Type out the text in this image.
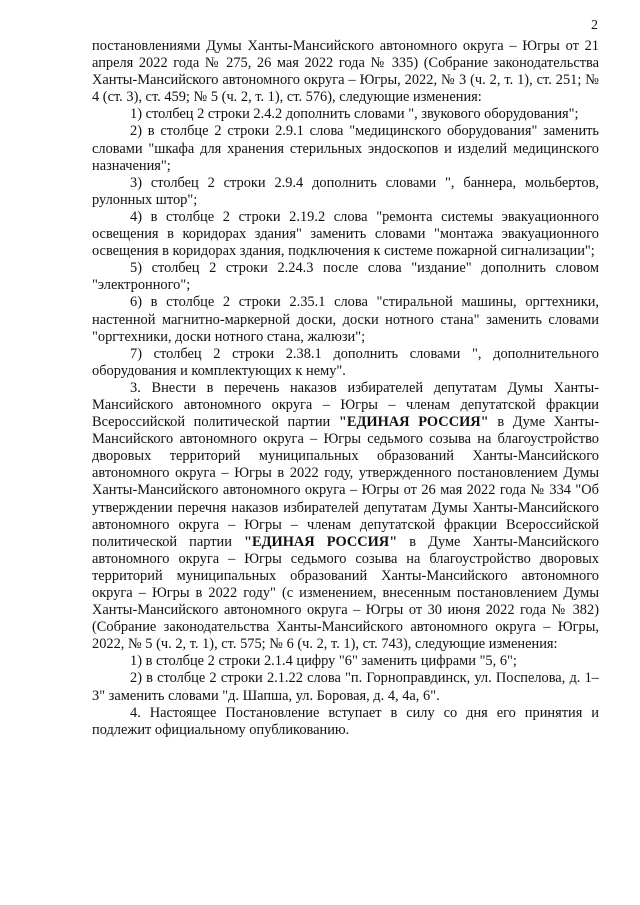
2

постановлениями Думы Ханты-Мансийского автономного округа – Югры от 21 апреля 2022 года № 275, 26 мая 2022 года № 335) (Собрание законодательства Ханты-Мансийского автономного округа – Югры, 2022, № 3 (ч. 2, т. 1), ст. 251; № 4 (ст. 3), ст. 459; № 5 (ч. 2, т. 1), ст. 576), следующие изменения:

1) столбец 2 строки 2.4.2 дополнить словами ", звукового оборудования";

2) в столбце 2 строки 2.9.1 слова "медицинского оборудования" заменить словами "шкафа для хранения стерильных эндоскопов и изделий медицинского назначения";

3) столбец 2 строки 2.9.4 дополнить словами ", баннера, мольбертов, рулонных штор";

4) в столбце 2 строки 2.19.2 слова "ремонта системы эвакуационного освещения в коридорах здания" заменить словами "монтажа эвакуационного освещения в коридорах здания, подключения к системе пожарной сигнализации";

5) столбец 2 строки 2.24.3 после слова "издание" дополнить словом "электронного";

6) в столбце 2 строки 2.35.1 слова "стиральной машины, оргтехники, настенной магнитно-маркерной доски, доски нотного стана" заменить словами "оргтехники, доски нотного стана, жалюзи";

7) столбец 2 строки 2.38.1 дополнить словами ", дополнительного оборудования и комплектующих к нему".

3. Внести в перечень наказов избирателей депутатам Думы Ханты-Мансийского автономного округа – Югры – членам депутатской фракции Всероссийской политической партии "ЕДИНАЯ РОССИЯ" в Думе Ханты-Мансийского автономного округа – Югры седьмого созыва на благоустройство дворовых территорий муниципальных образований Ханты-Мансийского автономного округа – Югры в 2022 году, утвержденного постановлением Думы Ханты-Мансийского автономного округа – Югры от 26 мая 2022 года № 334 "Об утверждении перечня наказов избирателей депутатам Думы Ханты-Мансийского автономного округа – Югры – членам депутатской фракции Всероссийской политической партии "ЕДИНАЯ РОССИЯ" в Думе Ханты-Мансийского автономного округа – Югры седьмого созыва на благоустройство дворовых территорий муниципальных образований Ханты-Мансийского автономного округа – Югры в 2022 году" (с изменением, внесенным постановлением Думы Ханты-Мансийского автономного округа – Югры от 30 июня 2022 года № 382) (Собрание законодательства Ханты-Мансийского автономного округа – Югры, 2022, № 5 (ч. 2, т. 1), ст. 575; № 6 (ч. 2, т. 1), ст. 743), следующие изменения:

1) в столбце 2 строки 2.1.4 цифру "6" заменить цифрами "5, 6";

2) в столбце 2 строки 2.1.22 слова "п. Горноправдинск, ул. Поспелова, д. 1–3" заменить словами "д. Шапша, ул. Боровая, д. 4, 4а, 6".

4. Настоящее Постановление вступает в силу со дня его принятия и подлежит официальному опубликованию.
